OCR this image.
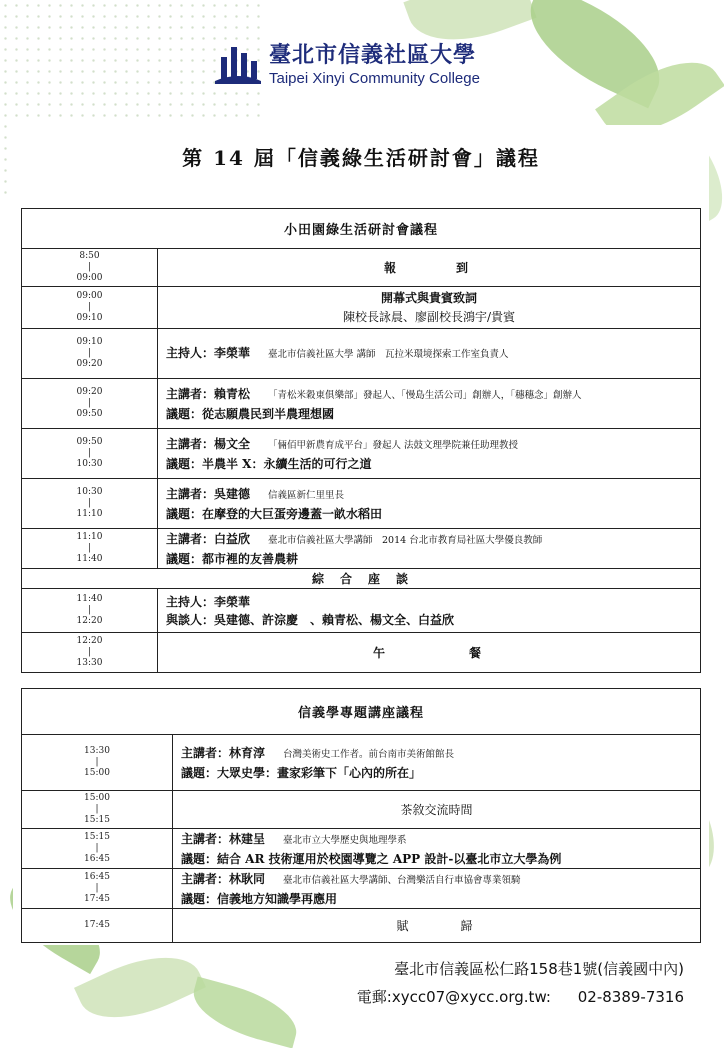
臺北市信義社區大學
Taipei Xinyi Community College
第 14 屆「信義綠生活研討會」議程
小田園綠生活研討會議程	
8:50
|
09:00	報　　　到
09:00
|
09:10	開幕式與貴賓致詞
陳校長詠晨、廖副校長鴻宇/貴賓
09:10
|
09:20	主持人：李榮華 臺北市信義社區大學 講師　瓦拉米環境探索工作室負責人
09:20
|
09:50	主講者：賴青松 「青松米穀東俱樂部」發起人、「慢島生活公司」創辦人，「穗穗念」創辦人
議題：從志願農民到半農理想國
09:50
|
10:30	主講者：楊文全 「倆佰甲新農育成平台」發起人 法鼓文理學院兼任助理教授
議題：半農半 X：永續生活的可行之道
10:30
|
11:10	主講者：吳建德 信義區新仁里里長
議題：在摩登的大巨蛋旁邊蓋一畝水稻田
11:10
|
11:40	主講者：白益欣 臺北市信義社區大學講師　2014 台北市教育局社區大學優良教師
議題：都市裡的友善農耕
綜　合　座　談	
11:40
|
12:20	主持人：李榮華
與談人：吳建德、許淙慶　、賴青松、楊文全、白益欣
12:20
|
13:30	午　　　　　餐
信義學專題講座議程	
13:30
|
15:00	主講者：林育淳 台灣美術史工作者。前台南市美術館館長
議題：大眾史學：畫家彩筆下「心內的所在」
15:00
|
15:15	茶敘交流時間
15:15
|
16:45	主講者：林建呈 臺北市立大學歷史與地理學系
議題：結合 AR 技術運用於校園導覽之 APP 設計-以臺北市立大學為例
16:45
|
17:45	主講者：林耿同 臺北市信義社區大學講師、台灣樂活自行車協會專業領騎
議題：信義地方知識學再應用
17:45	賦　　　歸
臺北市信義區松仁路158巷1號(信義國中內)
電郵:xycc07@xycc.org.tw: 02-8389-7316
